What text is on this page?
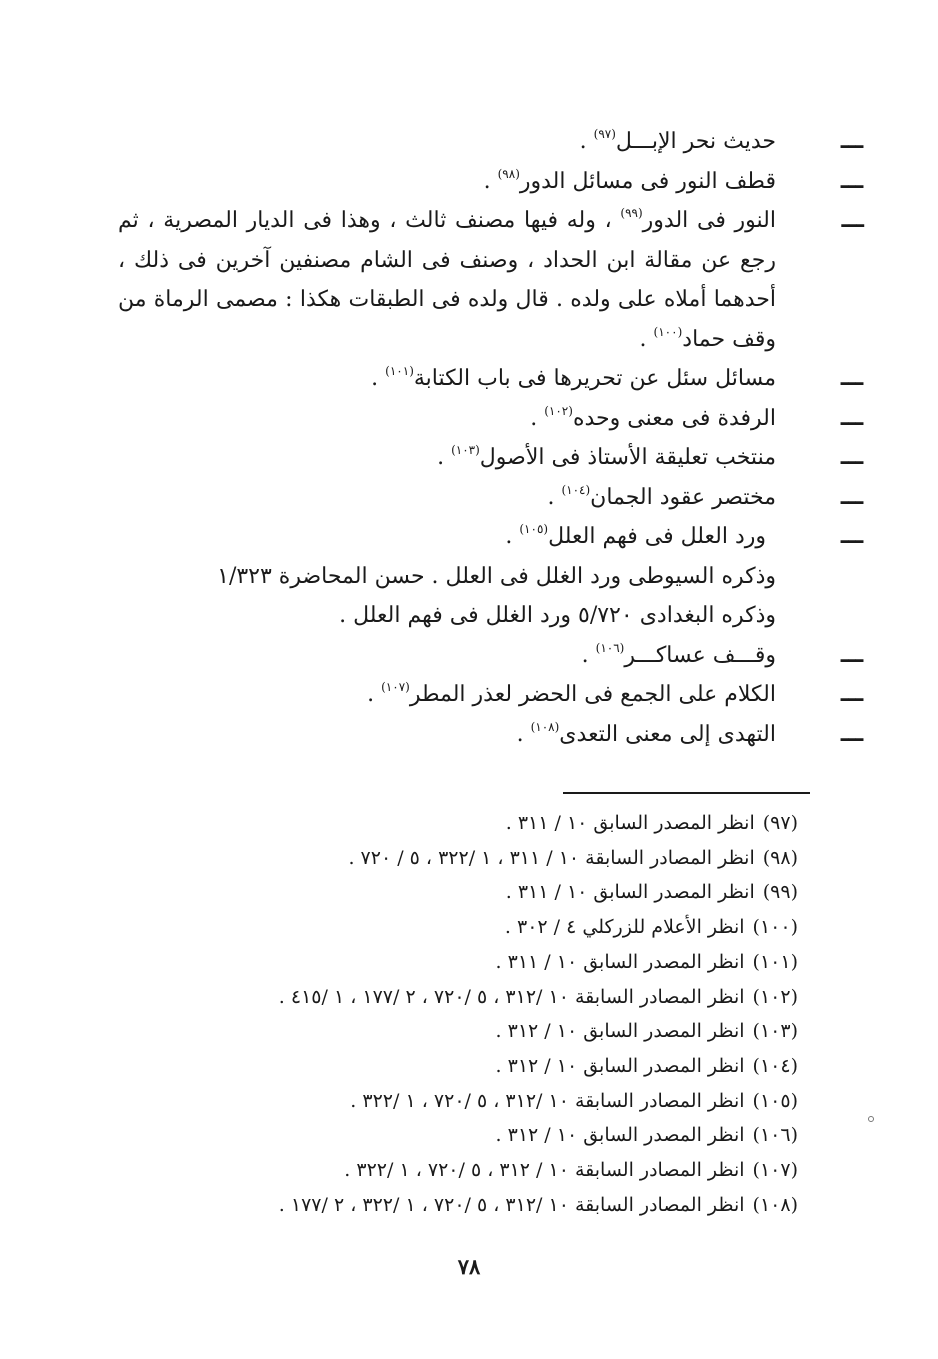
ـــ
حديث نحر الإبـــل$^{(٩٧)}$ .
ـــ
قطف النور فى مسائل الدور$^{(٩٨)}$ .
ـــ
النور فى الدور$^{(٩٩)}$ ، وله فيها مصنف ثالث ، وهذا فى الديار المصرية ، ثم رجع عن مقالة ابن الحداد ، وصنف فى الشام مصنفين آخرين فى ذلك ، أحدهما أملاه على ولده . قال ولده فى الطبقات هكذا : مصمى الرماة من وقف حماد$^{(١٠٠)}$ .
ـــ
مسائل سئل عن تحريرها فى باب الكتابة$^{(١٠١)}$ .
ـــ
الرفدة فى معنى وحده$^{(١٠٢)}$ .
ـــ
منتخب تعليقة الأستاذ فى الأصول$^{(١٠٣)}$ .
ـــ
مختصر عقود الجمان$^{(١٠٤)}$ .
ـــ
ورد العلل فى فهم العلل$^{(١٠٥)}$ .
وذكره السيوطى ورد الغلل فى العلل . حسن المحاضرة ١/٣٢٣
وذكره البغدادى ٥/٧٢٠ ورد الغلل فى فهم العلل .
ـــ
وقـــف عساكـــر$^{(١٠٦)}$ .
ـــ
الكلام على الجمع فى الحضر لعذر المطر$^{(١٠٧)}$ .
ـــ
التهدى إلى معنى التعدى$^{(١٠٨)}$ .
(٩٧)انظر المصدر السابق ١٠ / ٣١١ .
(٩٨)انظر المصادر السابقة ١٠ / ٣١١ ، ١ /٣٢٢ ، ٥ / ٧٢٠ .
(٩٩)انظر المصدر السابق ١٠ / ٣١١ .
(١٠٠)انظر الأعلام للزركلي ٤ / ٣٠٢ .
(١٠١)انظر المصدر السابق ١٠ / ٣١١ .
(١٠٢)انظر المصادر السابقة ١٠ /٣١٢ ، ٥ /٧٢٠ ، ٢ /١٧٧ ، ١ /٤١٥ .
(١٠٣)انظر المصدر السابق ١٠ / ٣١٢ .
(١٠٤)انظر المصدر السابق ١٠ / ٣١٢ .
(١٠٥)انظر المصادر السابقة ١٠ /٣١٢ ، ٥ /٧٢٠ ، ١ /٣٢٢ .
(١٠٦)انظر المصدر السابق ١٠ / ٣١٢ .
(١٠٧)انظر المصادر السابقة ١٠ / ٣١٢ ، ٥ /٧٢٠ ، ١ /٣٢٢ .
(١٠٨)انظر المصادر السابقة ١٠ /٣١٢ ، ٥ /٧٢٠ ، ١ /٣٢٢ ، ٢ /١٧٧ .
٧٨
